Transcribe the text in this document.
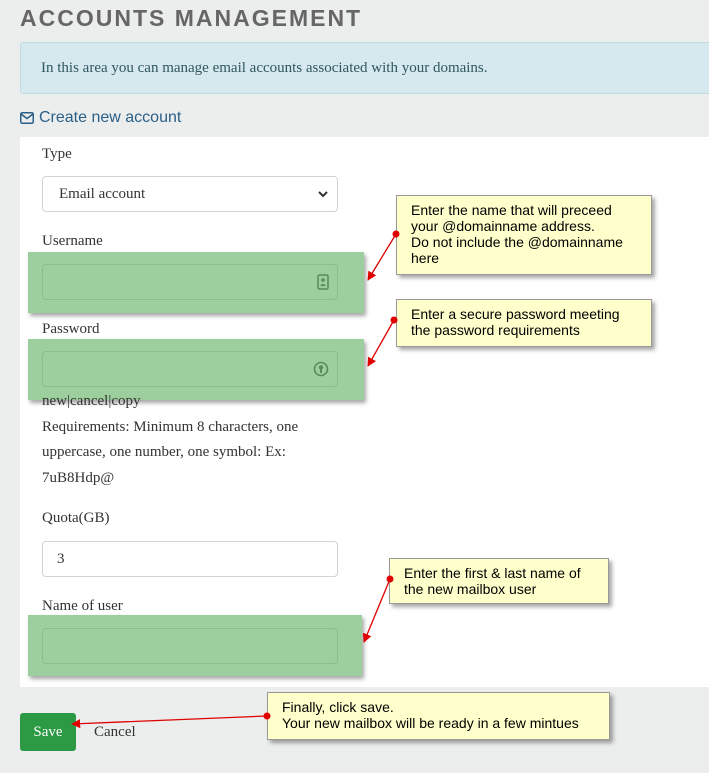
ACCOUNTS MANAGEMENT
In this area you can manage email accounts associated with your domains.
Create new account
Type
Email account
Username
Password
new|cancel|copy
Requirements: Minimum 8 characters, one
uppercase, one number, one symbol: Ex:
7uB8Hdp@
Quota(GB)
3
Name of user
Save	Cancel
Enter the name that will preceed
your @domainname address.
Do not include the @domainname
here
Enter a secure password meeting
the password requirements
Enter the first & last name of
the new mailbox user
Finally, click save.
Your new mailbox will be ready in a few mintues
